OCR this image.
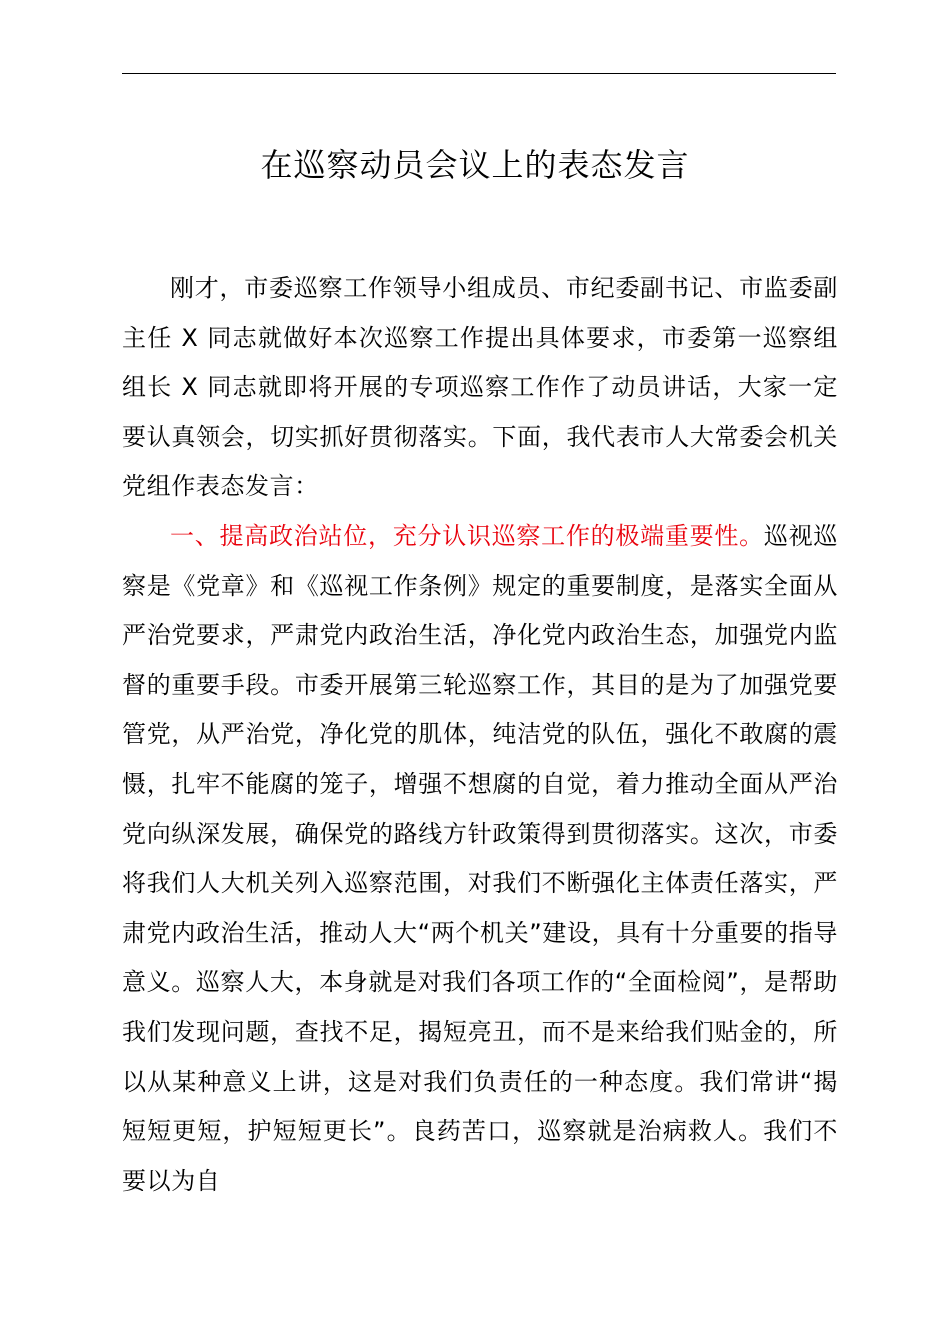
在巡察动员会议上的表态发言

刚才，市委巡察工作领导小组成员、市纪委副书记、市监委副主任 X 同志就做好本次巡察工作提出具体要求，市委第一巡察组组长 X 同志就即将开展的专项巡察工作作了动员讲话，大家一定要认真领会，切实抓好贯彻落实。下面，我代表市人大常委会机关党组作表态发言：

一、提高政治站位，充分认识巡察工作的极端重要性。巡视巡察是《党章》和《巡视工作条例》规定的重要制度，是落实全面从严治党要求，严肃党内政治生活，净化党内政治生态，加强党内监督的重要手段。市委开展第三轮巡察工作，其目的是为了加强党要管党，从严治党，净化党的肌体，纯洁党的队伍，强化不敢腐的震慑，扎牢不能腐的笼子，增强不想腐的自觉，着力推动全面从严治党向纵深发展，确保党的路线方针政策得到贯彻落实。这次，市委将我们人大机关列入巡察范围，对我们不断强化主体责任落实，严肃党内政治生活，推动人大“两个机关”建设，具有十分重要的指导意义。巡察人大，本身就是对我们各项工作的“全面检阅”，是帮助我们发现问题，查找不足，揭短亮丑，而不是来给我们贴金的，所以从某种意义上讲，这是对我们负责任的一种态度。我们常讲“揭短短更短，护短短更长”。良药苦口，巡察就是治病救人。我们不要以为自
